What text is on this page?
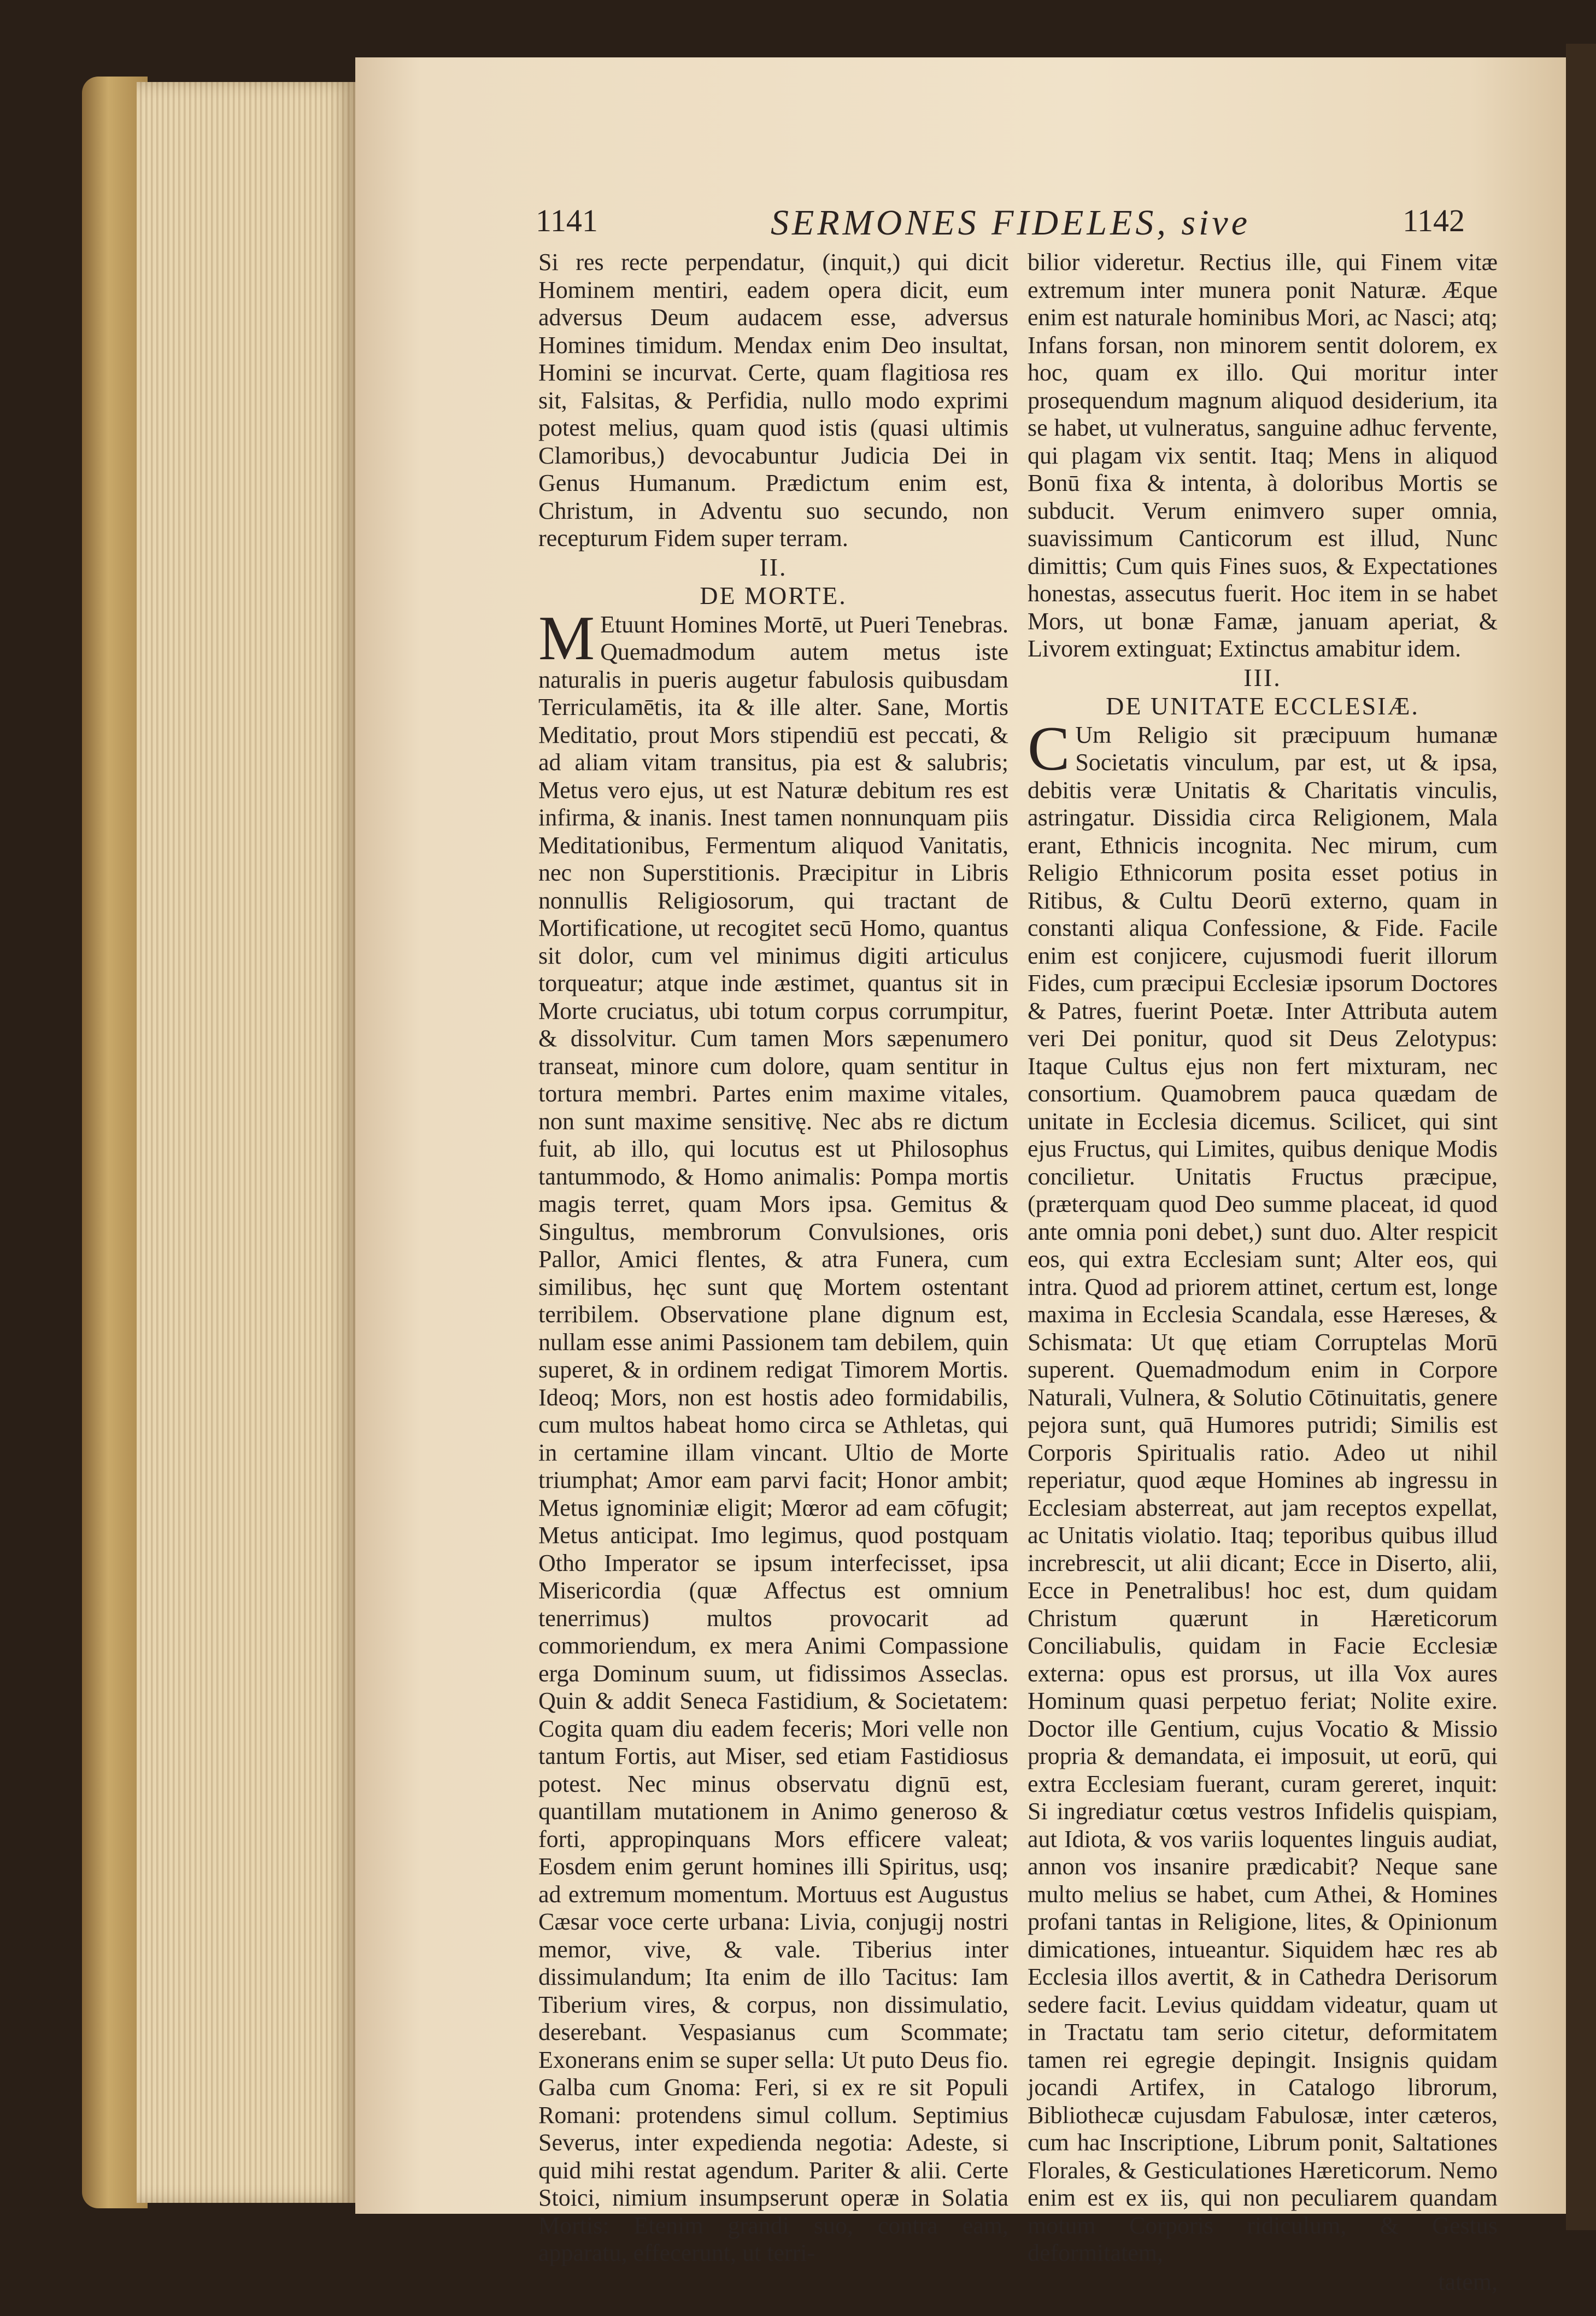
1141	SERMONES FIDELES, sive	1142

Si res recte perpendatur, (inquit,) qui dicit Hominem mentiri, eadem opera dicit, eum adversus Deum audacem esse, adversus Homines timidum. Mendax enim Deo insultat, Homini se incurvat. Certe, quam flagitiosa res sit, Falsitas, & Perfidia, nullo modo exprimi potest melius, quam quod istis (quasi ultimis Clamoribus,) devocabuntur Judicia Dei in Genus Humanum. Prædictum enim est, Christum, in Adventu suo secundo, non recepturum Fidem super terram.

II.
DE MORTE.

M Etuunt Homines Mortē, ut Pueri Tenebras. Quemadmodum autem metus iste naturalis in pueris augetur fabulosis quibusdam Terriculamētis, ita & ille alter. Sane, Mortis Meditatio, prout Mors stipendiū est peccati, & ad aliam vitam transitus, pia est & salubris; Metus vero ejus, ut est Naturæ debitum res est infirma, & inanis. Inest tamen nonnunquam piis Meditationibus, Fermentum aliquod Vanitatis, nec non Superstitionis. Præcipitur in Libris nonnullis Religiosorum, qui tractant de Mortificatione, ut recogitet secū Homo, quantus sit dolor, cum vel minimus digiti articulus torqueatur; atque inde æstimet, quantus sit in Morte cruciatus, ubi totum corpus corrumpitur, & dissolvitur. Cum tamen Mors sæpenumero transeat, minore cum dolore, quam sentitur in tortura membri. Partes enim maxime vitales, non sunt maxime sensitivę. Nec abs re dictum fuit, ab illo, qui locutus est ut Philosophus tantummodo, & Homo animalis: Pompa mortis magis terret, quam Mors ipsa. Gemitus & Singultus, membrorum Convulsiones, oris Pallor, Amici flentes, & atra Funera, cum similibus, hęc sunt quę Mortem ostentant terribilem. Observatione plane dignum est, nullam esse animi Passionem tam debilem, quin superet, & in ordinem redigat Timorem Mortis. Ideoq; Mors, non est hostis adeo formidabilis, cum multos habeat homo circa se Athletas, qui in certamine illam vincant. Ultio de Morte triumphat; Amor eam parvi facit; Honor ambit; Metus ignominiæ eligit; Mœror ad eam cōfugit; Metus anticipat. Imo legimus, quod postquam Otho Imperator se ipsum interfecisset, ipsa Misericordia (quæ Affectus est omnium tenerrimus) multos provocarit ad commoriendum, ex mera Animi Compassione erga Dominum suum, ut fidissimos Asseclas. Quin & addit Seneca Fastidium, & Societatem: Cogita quam diu eadem feceris; Mori velle non tantum Fortis, aut Miser, sed etiam Fastidiosus potest. Nec minus observatu dignū est, quantillam mutationem in Animo generoso & forti, appropinquans Mors efficere valeat; Eosdem enim gerunt homines illi Spiritus, usq; ad extremum momentum. Mortuus est Augustus Cæsar voce certe urbana: Livia, conjugij nostri memor, vive, & vale. Tiberius inter dissimulandum; Ita enim de illo Tacitus: Iam Tiberium vires, & corpus, non dissimulatio, deserebant. Vespasianus cum Scommate; Exonerans enim se super sella: Ut puto Deus fio. Galba cum Gnoma: Feri, si ex re sit Populi Romani: protendens simul collum. Septimius Severus, inter expedienda negotia: Adeste, si quid mihi restat agendum. Pariter & alii. Certe Stoici, nimium insumpserunt operæ in Solatia Mortis: Etenim grandi suo, contra eam, apparatu, effecerunt, ut terri-

bilior videretur. Rectius ille, qui Finem vitæ extremum inter munera ponit Naturæ. Æque enim est naturale hominibus Mori, ac Nasci; atq; Infans forsan, non minorem sentit dolorem, ex hoc, quam ex illo. Qui moritur inter prosequendum magnum aliquod desiderium, ita se habet, ut vulneratus, sanguine adhuc fervente, qui plagam vix sentit. Itaq; Mens in aliquod Bonū fixa & intenta, à doloribus Mortis se subducit. Verum enimvero super omnia, suavissimum Canticorum est illud, Nunc dimittis; Cum quis Fines suos, & Expectationes honestas, assecutus fuerit. Hoc item in se habet Mors, ut bonæ Famæ, januam aperiat, & Livorem extinguat; Extinctus amabitur idem.

III.
DE UNITATE ECCLESIÆ.

C Um Religio sit præcipuum humanæ Societatis vinculum, par est, ut & ipsa, debitis veræ Unitatis & Charitatis vinculis, astringatur. Dissidia circa Religionem, Mala erant, Ethnicis incognita. Nec mirum, cum Religio Ethnicorum posita esset potius in Ritibus, & Cultu Deorū externo, quam in constanti aliqua Confessione, & Fide. Facile enim est conjicere, cujusmodi fuerit illorum Fides, cum præcipui Ecclesiæ ipsorum Doctores & Patres, fuerint Poetæ. Inter Attributa autem veri Dei ponitur, quod sit Deus Zelotypus: Itaque Cultus ejus non fert mixturam, nec consortium. Quamobrem pauca quædam de unitate in Ecclesia dicemus. Scilicet, qui sint ejus Fructus, qui Limites, quibus denique Modis concilietur. Unitatis Fructus præcipue, (præterquam quod Deo summe placeat, id quod ante omnia poni debet,) sunt duo. Alter respicit eos, qui extra Ecclesiam sunt; Alter eos, qui intra. Quod ad priorem attinet, certum est, longe maxima in Ecclesia Scandala, esse Hæreses, & Schismata: Ut quę etiam Corruptelas Morū superent. Quemadmodum enim in Corpore Naturali, Vulnera, & Solutio Cōtinuitatis, genere pejora sunt, quā Humores putridi; Similis est Corporis Spiritualis ratio. Adeo ut nihil reperiatur, quod æque Homines ab ingressu in Ecclesiam absterreat, aut jam receptos expellat, ac Unitatis violatio. Itaq; teporibus quibus illud increbrescit, ut alii dicant; Ecce in Diserto, alii, Ecce in Penetralibus! hoc est, dum quidam Christum quærunt in Hæreticorum Conciliabulis, quidam in Facie Ecclesiæ externa: opus est prorsus, ut illa Vox aures Hominum quasi perpetuo feriat; Nolite exire. Doctor ille Gentium, cujus Vocatio & Missio propria & demandata, ei imposuit, ut eorū, qui extra Ecclesiam fuerant, curam gereret, inquit: Si ingrediatur cœtus vestros Infidelis quispiam, aut Idiota, & vos variis loquentes linguis audiat, annon vos insanire prædicabit? Neque sane multo melius se habet, cum Athei, & Homines profani tantas in Religione, lites, & Opinionum dimicationes, intueantur. Siquidem hæc res ab Ecclesia illos avertit, & in Cathedra Derisorum sedere facit. Levius quiddam videatur, quam ut in Tractatu tam serio citetur, deformitatem tamen rei egregie depingit. Insignis quidam jocandi Artifex, in Catalogo librorum, Bibliothecæ cujusdam Fabulosæ, inter cæteros, cum hac Inscriptione, Librum ponit, Saltationes Florales, & Gesticulationes Hæreticorum. Nemo enim est ex iis, qui non peculiarem quandam motum Corporis ridiculum, & Gestus deformitatem,

tatem,
